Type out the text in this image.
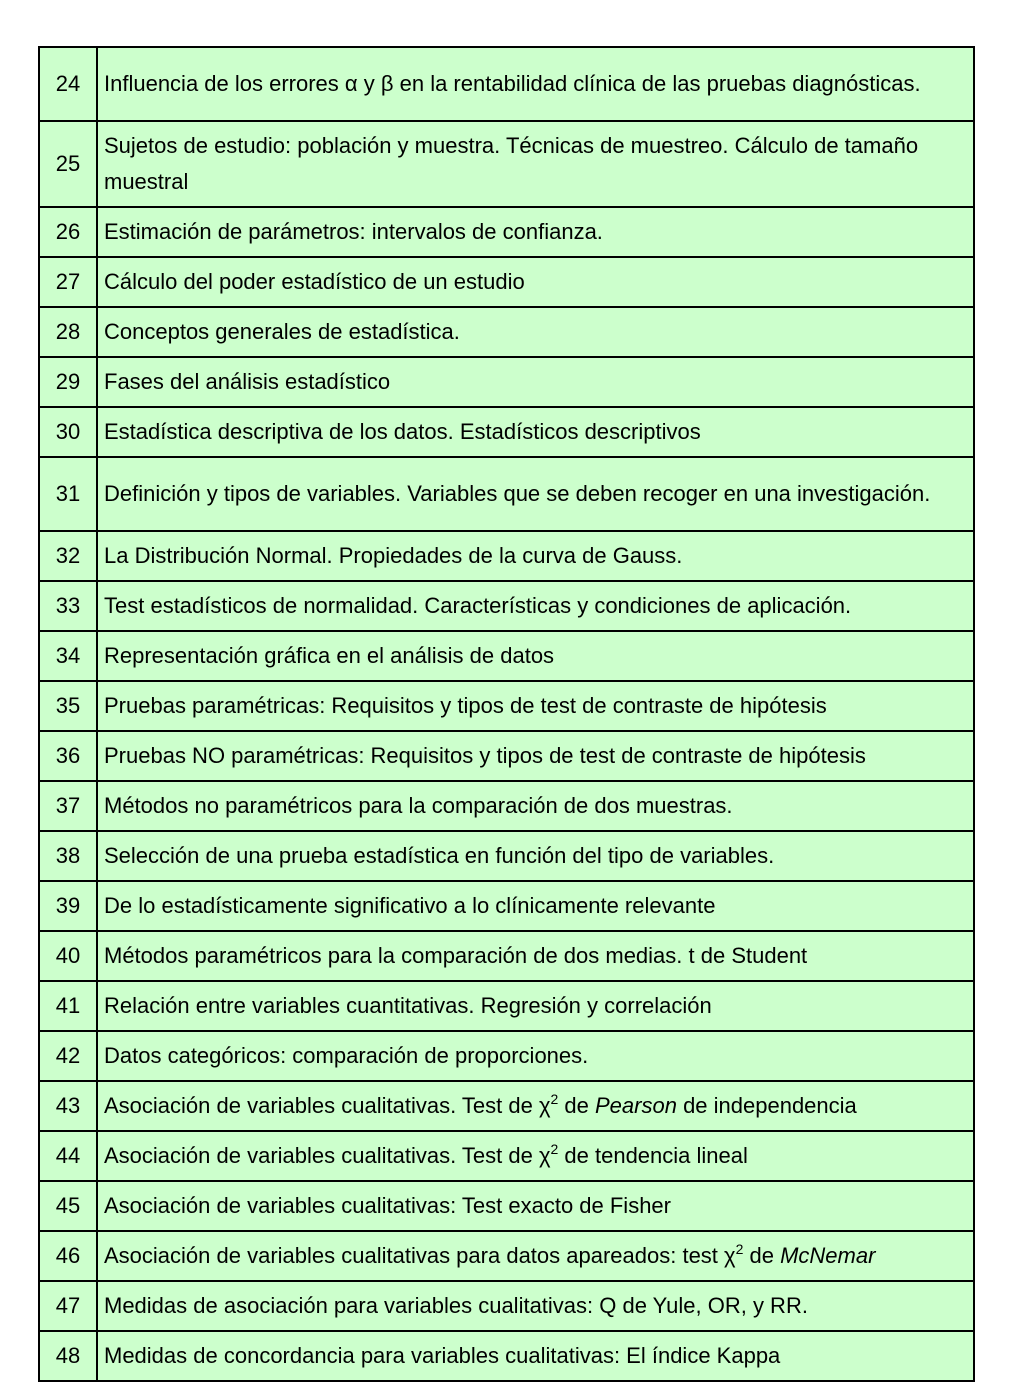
24	Influencia de los errores α y β en la rentabilidad clínica de las pruebas diagnósticas.
25	Sujetos de estudio: población y muestra. Técnicas de muestreo. Cálculo de tamaño muestral
26	Estimación de parámetros: intervalos de confianza.
27	Cálculo del poder estadístico de un estudio
28	Conceptos generales de estadística.
29	Fases del análisis estadístico
30	Estadística descriptiva de los datos. Estadísticos descriptivos
31	Definición y tipos de variables. Variables que se deben recoger en una investigación.
32	La Distribución Normal. Propiedades de la curva de Gauss.
33	Test estadísticos de normalidad. Características y condiciones de aplicación.
34	Representación gráfica en el análisis de datos
35	Pruebas paramétricas: Requisitos y tipos de test de contraste de hipótesis
36	Pruebas NO paramétricas: Requisitos y tipos de test de contraste de hipótesis
37	Métodos no paramétricos para la comparación de dos muestras.
38	Selección de una prueba estadística en función del tipo de variables.
39	De lo estadísticamente significativo a lo clínicamente relevante
40	Métodos paramétricos para la comparación de dos medias. t de Student
41	Relación entre variables cuantitativas. Regresión y correlación
42	Datos categóricos: comparación de proporciones.
43	Asociación de variables cualitativas. Test de $\chi^2$ de Pearson de independencia
44	Asociación de variables cualitativas. Test de $\chi^2$ de tendencia lineal
45	Asociación de variables cualitativas: Test exacto de Fisher
46	Asociación de variables cualitativas para datos apareados: test $\chi^2$ de McNemar
47	Medidas de asociación para variables cualitativas: Q de Yule, OR, y RR.
48	Medidas de concordancia para variables cualitativas: El índice Kappa
